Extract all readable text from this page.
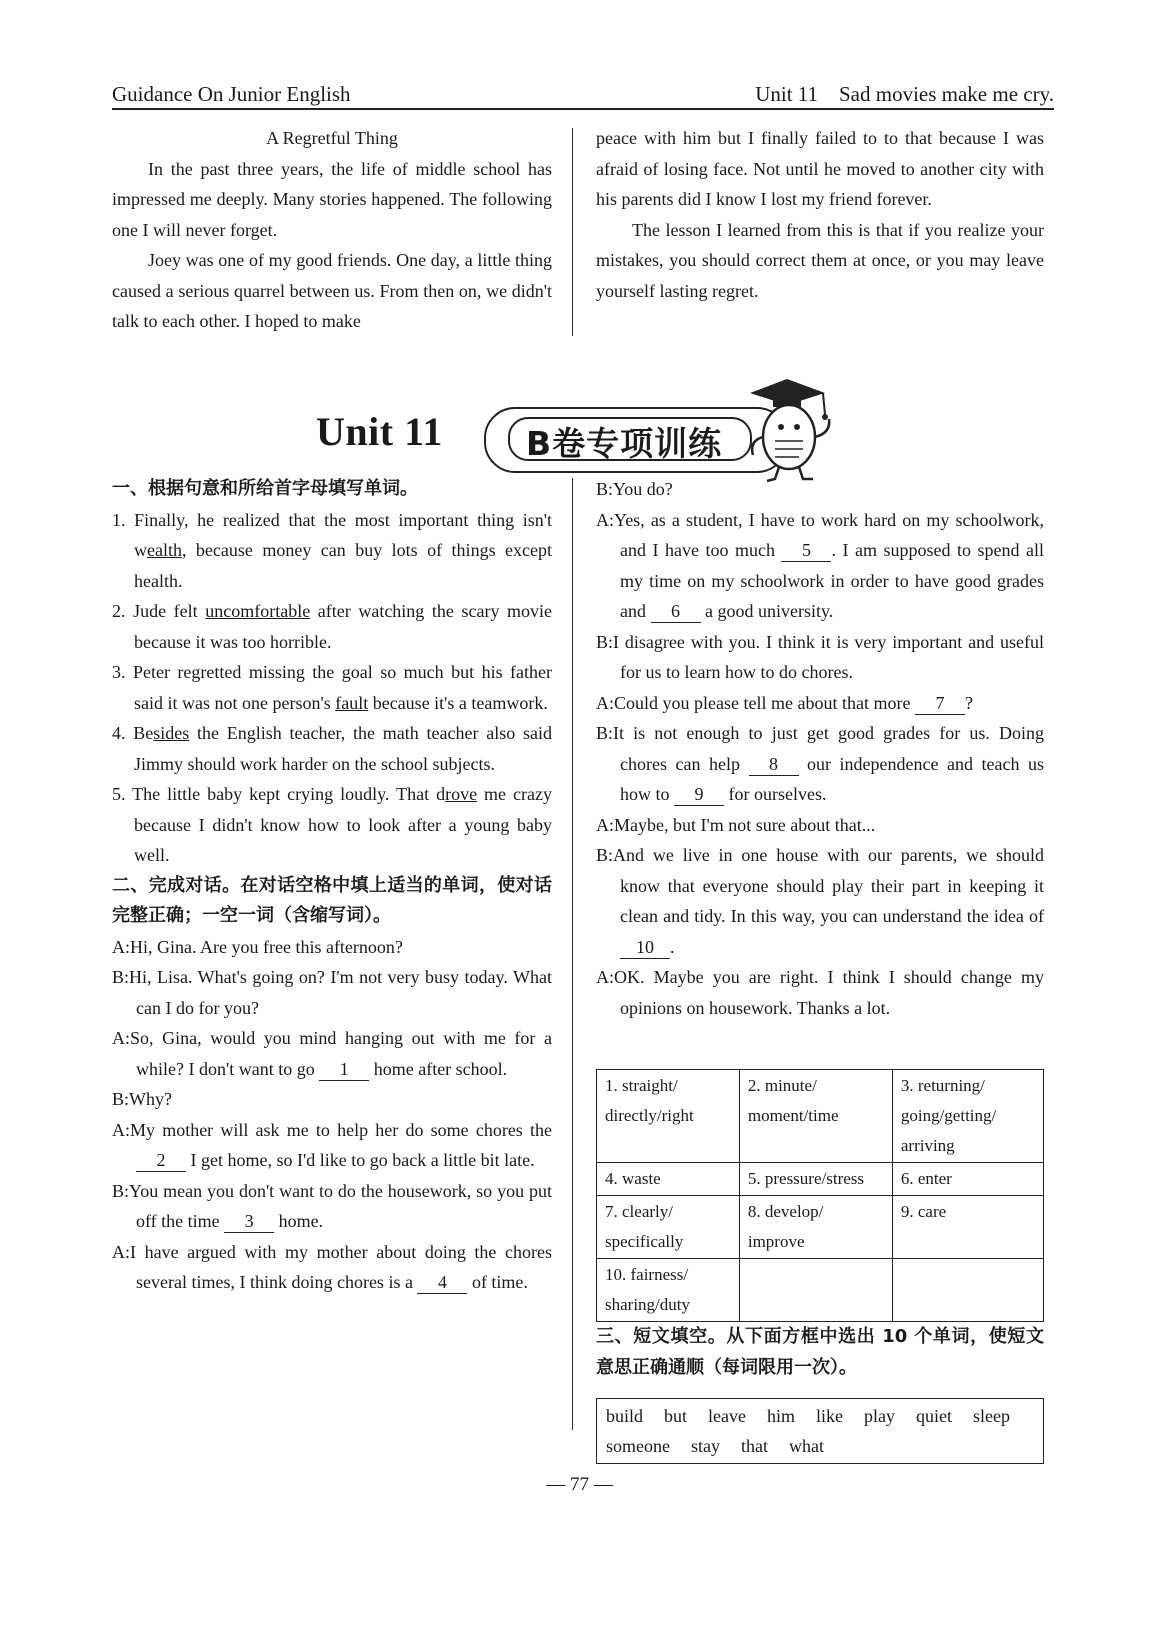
Guidance On Junior English	Unit 11    Sad movies make me cry.

A Regretful Thing

In the past three years, the life of middle school has impressed me deeply. Many stories happened. The following one I will never forget.

Joey was one of my good friends. One day, a little thing caused a serious quarrel between us. From then on, we didn't talk to each other. I hoped to make

peace with him but I finally failed to to that because I was afraid of losing face. Not until he moved to another city with his parents did I know I lost my friend forever.

The lesson I learned from this is that if you realize your mistakes, you should correct them at once, or you may leave yourself lasting regret.

Unit 11	B卷专项训练

一、根据句意和所给首字母填写单词。

1. Finally, he realized that the most important thing isn't wealth, because money can buy lots of things except health.

2. Jude felt uncomfortable after watching the scary movie because it was too horrible.

3. Peter regretted missing the goal so much but his father said it was not one person's fault because it's a teamwork.

4. Besides the English teacher, the math teacher also said Jimmy should work harder on the school subjects.

5. The little baby kept crying loudly. That drove me crazy because I didn't know how to look after a young baby well.

二、完成对话。在对话空格中填上适当的单词，使对话完整正确；一空一词（含缩写词）。

A:Hi, Gina. Are you free this afternoon?

B:Hi, Lisa. What's going on? I'm not very busy today. What can I do for you?

A:So, Gina, would you mind hanging out with me for a while? I don't want to go 1 home after school.

B:Why?

A:My mother will ask me to help her do some chores the 2 I get home, so I'd like to go back a little bit late.

B:You mean you don't want to do the housework, so you put off the time 3 home.

A:I have argued with my mother about doing the chores several times, I think doing chores is a 4 of time.

B:You do?

A:Yes, as a student, I have to work hard on my schoolwork, and I have too much 5 . I am supposed to spend all my time on my schoolwork in order to have good grades and 6 a good university.

B:I disagree with you. I think it is very important and useful for us to learn how to do chores.

A:Could you please tell me about that more 7 ?

B:It is not enough to just get good grades for us. Doing chores can help 8 our independence and teach us how to 9 for ourselves.

A:Maybe, but I'm not sure about that...

B:And we live in one house with our parents, we should know that everyone should play their part in keeping it clean and tidy. In this way, you can understand the idea of 10 .

A:OK. Maybe you are right. I think I should change my opinions on housework. Thanks a lot.

1. straight/ directly/right	2. minute/ moment/time	3. returning/ going/getting/ arriving
4. waste	5. pressure/stress	6. enter
7. clearly/ specifically	8. develop/ improve	9. care
10. fairness/ sharing/duty		

三、短文填空。从下面方框中选出 10 个单词，使短文意思正确通顺（每词限用一次）。

build but leave him like play quiet sleepsomeone stay that what
— 77 —
